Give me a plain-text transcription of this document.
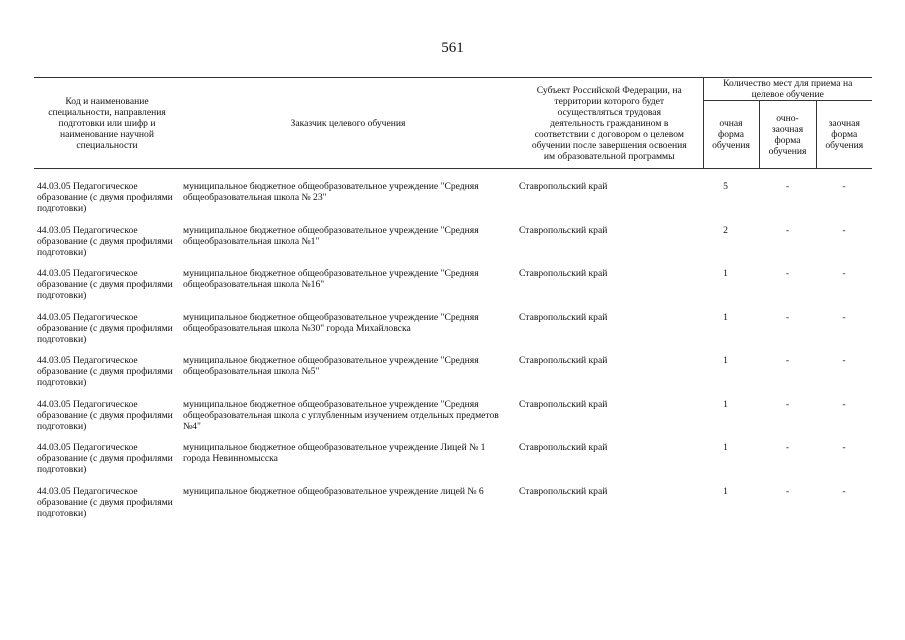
561
Код и наименование специальности, направления подготовки или шифр и наименование научной специальности	Заказчик целевого обучения	Субъект Российской Федерации, на территории которого будет осуществляться трудовая деятельность гражданином в соответствии с договором о целевом обучении после завершения освоения им образовательной программы	Количество мест для приема на целевое обучение		
			очная форма обучения	очно-заочная форма обучения	заочная форма обучения

44.03.05 Педагогическое образование (с двумя профилями подготовки)	муниципальное бюджетное общеобразовательное учреждение "Средняя общеобразовательная школа № 23"	Ставропольский край	5	-	-
44.03.05 Педагогическое образование (с двумя профилями подготовки)	муниципальное бюджетное общеобразовательное учреждение "Средняя общеобразовательная школа №1"	Ставропольский край	2	-	-
44.03.05 Педагогическое образование (с двумя профилями подготовки)	муниципальное бюджетное общеобразовательное учреждение "Средняя общеобразовательная школа №16"	Ставропольский край	1	-	-
44.03.05 Педагогическое образование (с двумя профилями подготовки)	муниципальное бюджетное общеобразовательное учреждение "Средняя общеобразовательная школа №30" города Михайловска	Ставропольский край	1	-	-
44.03.05 Педагогическое образование (с двумя профилями подготовки)	муниципальное бюджетное общеобразовательное учреждение "Средняя общеобразовательная школа №5"	Ставропольский край	1	-	-
44.03.05 Педагогическое образование (с двумя профилями подготовки)	муниципальное бюджетное общеобразовательное учреждение "Средняя общеобразовательная школа с углубленным изучением отдельных предметов №4"	Ставропольский край	1	-	-
44.03.05 Педагогическое образование (с двумя профилями подготовки)	муниципальное бюджетное общеобразовательное учреждение Лицей № 1 города Невинномысска	Ставропольский край	1	-	-
44.03.05 Педагогическое образование (с двумя профилями подготовки)	муниципальное бюджетное общеобразовательное учреждение лицей № 6	Ставропольский край	1	-	-
